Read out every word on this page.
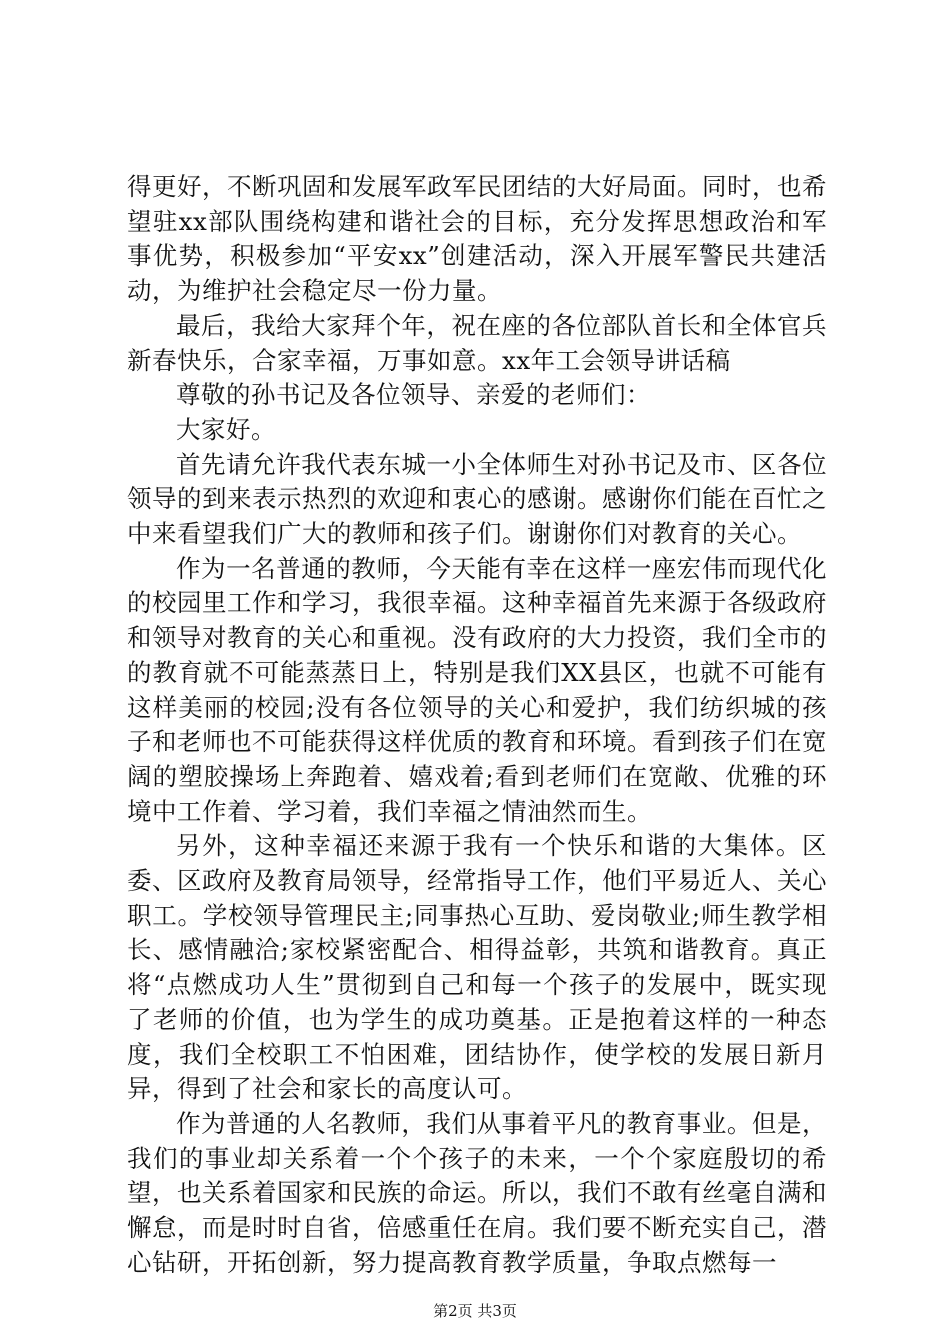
得更好，不断巩固和发展军政军民团结的大好局面。同时，也希望驻xx部队围绕构建和谐社会的目标，充分发挥思想政治和军事优势，积极参加“平安xx”创建活动，深入开展军警民共建活动，为维护社会稳定尽一份力量。

最后，我给大家拜个年，祝在座的各位部队首长和全体官兵新春快乐，合家幸福，万事如意。xx年工会领导讲话稿

尊敬的孙书记及各位领导、亲爱的老师们：

大家好。

首先请允许我代表东城一小全体师生对孙书记及市、区各位领导的到来表示热烈的欢迎和衷心的感谢。感谢你们能在百忙之中来看望我们广大的教师和孩子们。谢谢你们对教育的关心。

作为一名普通的教师，今天能有幸在这样一座宏伟而现代化的校园里工作和学习，我很幸福。这种幸福首先来源于各级政府和领导对教育的关心和重视。没有政府的大力投资，我们全市的的教育就不可能蒸蒸日上，特别是我们XX县区，也就不可能有这样美丽的校园;没有各位领导的关心和爱护，我们纺织城的孩子和老师也不可能获得这样优质的教育和环境。看到孩子们在宽阔的塑胶操场上奔跑着、嬉戏着;看到老师们在宽敞、优雅的环境中工作着、学习着，我们幸福之情油然而生。

另外，这种幸福还来源于我有一个快乐和谐的大集体。区委、区政府及教育局领导，经常指导工作，他们平易近人、关心职工。学校领导管理民主;同事热心互助、爱岗敬业;师生教学相长、感情融洽;家校紧密配合、相得益彰，共筑和谐教育。真正将“点燃成功人生”贯彻到自己和每一个孩子的发展中，既实现了老师的价值，也为学生的成功奠基。正是抱着这样的一种态度，我们全校职工不怕困难，团结协作，使学校的发展日新月异，得到了社会和家长的高度认可。

作为普通的人名教师，我们从事着平凡的教育事业。但是，我们的事业却关系着一个个孩子的未来，一个个家庭殷切的希望，也关系着国家和民族的命运。所以，我们不敢有丝毫自满和懈怠，而是时时自省，倍感重任在肩。我们要不断充实自己，潜心钻研，开拓创新，努力提高教育教学质量，争取点燃每一

第2页 共3页
